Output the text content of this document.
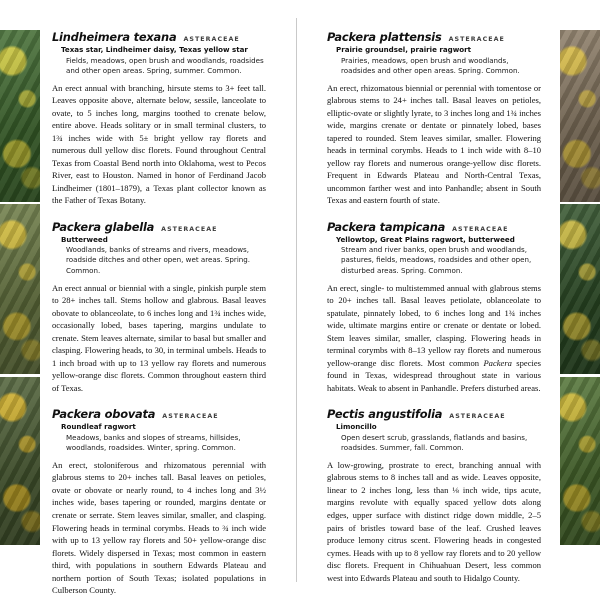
Lindheimera texana ASTERACEAE
Texas star, Lindheimer daisy, Texas yellow star
Fields, meadows, open brush and woodlands, roadsides and other open areas. Spring, summer. Common.
An erect annual with branching, hirsute stems to 3+ feet tall. Leaves opposite above, alternate below, sessile, lanceolate to ovate, to 5 inches long, margins toothed to crenate below, entire above. Heads solitary or in small terminal clusters, to 1¾ inches wide with 5± bright yellow ray florets and numerous dull yellow disc florets. Found throughout Central Texas from Coastal Bend north into Oklahoma, west to Pecos River, east to Houston. Named in honor of Ferdinand Jacob Lindheimer (1801–1879), a Texas plant collector known as the Father of Texas Botany.
Packera glabella ASTERACEAE
Butterweed
Woodlands, banks of streams and rivers, meadows, roadside ditches and other open, wet areas. Spring. Common.
An erect annual or biennial with a single, pinkish purple stem to 28+ inches tall. Stems hollow and glabrous. Basal leaves obovate to oblanceolate, to 6 inches long and 1¾ inches wide, occasionally lobed, bases tapering, margins undulate to crenate. Stem leaves alternate, similar to basal but smaller and clasping. Flowering heads, to 30, in terminal umbels. Heads to 1 inch broad with up to 13 yellow ray florets and numerous yellow-orange disc florets. Common throughout eastern third of Texas.
Packera obovata ASTERACEAE
Roundleaf ragwort
Meadows, banks and slopes of streams, hillsides, woodlands, roadsides. Winter, spring. Common.
An erect, stoloniferous and rhizomatous perennial with glabrous stems to 20+ inches tall. Basal leaves on petioles, ovate or obovate or nearly round, to 4 inches long and 3½ inches wide, bases tapering or rounded, margins dentate or crenate or serrate. Stem leaves similar, smaller, and clasping. Flowering heads in terminal corymbs. Heads to ¾ inch wide with up to 13 yellow ray florets and 50+ yellow-orange disc florets. Widely dispersed in Texas; most common in eastern third, with populations in southern Edwards Plateau and northern portion of South Texas; isolated populations in Culberson County.
Packera plattensis ASTERACEAE
Prairie groundsel, prairie ragwort
Prairies, meadows, open brush and woodlands, roadsides and other open areas. Spring. Common.
An erect, rhizomatous biennial or perennial with tomentose or glabrous stems to 24+ inches tall. Basal leaves on petioles, elliptic-ovate or slightly lyrate, to 3 inches long and 1¾ inches wide, margins crenate or dentate or pinnately lobed, bases tapered to rounded. Stem leaves similar, smaller. Flowering heads in terminal corymbs. Heads to 1 inch wide with 8–10 yellow ray florets and numerous orange-yellow disc florets. Frequent in Edwards Plateau and North-Central Texas, uncommon farther west and into Panhandle; absent in South Texas and eastern fourth of state.
Packera tampicana ASTERACEAE
Yellowtop, Great Plains ragwort, butterweed
Stream and river banks, open brush and woodlands, pastures, fields, meadows, roadsides and other open, disturbed areas. Spring. Common.
An erect, single- to multistemmed annual with glabrous stems to 20+ inches tall. Basal leaves petiolate, oblanceolate to spatulate, pinnately lobed, to 6 inches long and 1¾ inches wide, ultimate margins entire or crenate or dentate or lobed. Stem leaves similar, smaller, clasping. Flowering heads in terminal corymbs with 8–13 yellow ray florets and numerous yellow-orange disc florets. Most common Packera species found in Texas, widespread throughout state in various habitats. Weak to absent in Panhandle. Prefers disturbed areas.
Pectis angustifolia ASTERACEAE
Limoncillo
Open desert scrub, grasslands, flatlands and basins, roadsides. Summer, fall. Common.
A low-growing, prostrate to erect, branching annual with glabrous stems to 8 inches tall and as wide. Leaves opposite, linear to 2 inches long, less than ⅛ inch wide, tips acute, margins revolute with equally spaced yellow dots along edges, upper surface with distinct ridge down middle, 2–5 pairs of bristles toward base of the leaf. Crushed leaves produce lemony citrus scent. Flowering heads in congested cymes. Heads with up to 8 yellow ray florets and to 20 yellow disc florets. Frequent in Chihuahuan Desert, less common west into Edwards Plateau and south to Hidalgo County.
